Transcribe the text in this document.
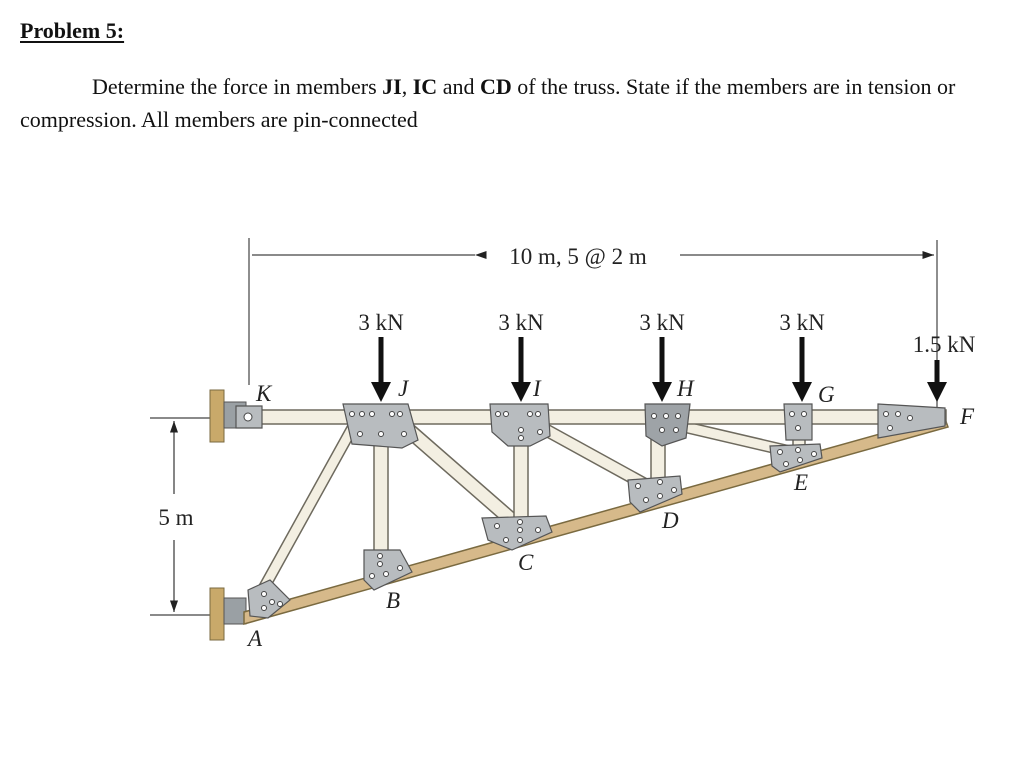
Problem 5:
Determine the force in members JI, IC and CD of the truss. State if the members are in tension or compression. All members are pin-connected
10 m, 5 @ 2 m
5 m
3 kN	3 kN	3 kN	3 kN
1.5 kN
K	J	I	H	G
F
A
B
C
D
E
